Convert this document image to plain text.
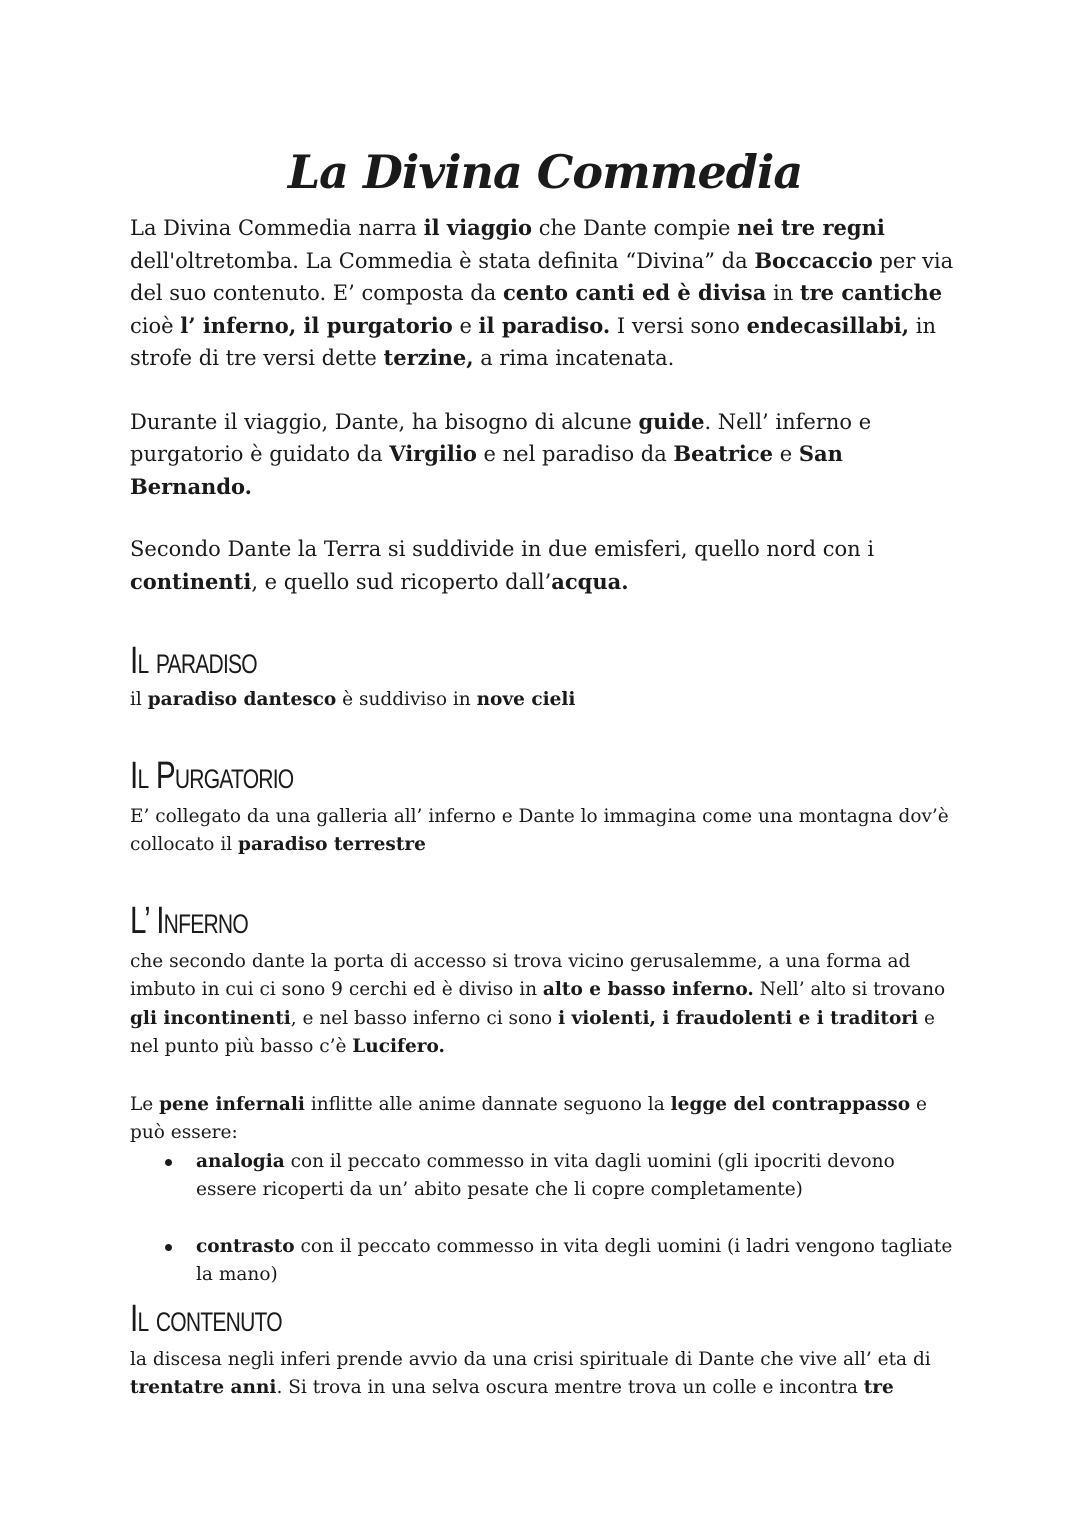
La Divina Commedia

La Divina Commedia narra il viaggio che Dante compie nei tre regni dell'oltretomba. La Commedia è stata definita “Divina” da Boccaccio per via del suo contenuto. E’ composta da cento canti ed è divisa in tre cantiche cioè l’ inferno, il purgatorio e il paradiso. I versi sono endecasillabi, in strofe di tre versi dette terzine, a rima incatenata.

Durante il viaggio, Dante, ha bisogno di alcune guide. Nell’ inferno e purgatorio è guidato da Virgilio e nel paradiso da Beatrice e San Bernando.

Secondo Dante la Terra si suddivide in due emisferi, quello nord con i continenti, e quello sud ricoperto dall’acqua.

Il paradiso

il paradiso dantesco è suddiviso in nove cieli

Il Purgatorio

E’ collegato da una galleria all’ inferno e Dante lo immagina come una montagna dov’è collocato il paradiso terrestre

L’ Inferno

che secondo dante la porta di accesso si trova vicino gerusalemme, a una forma ad imbuto in cui ci sono 9 cerchi ed è diviso in alto e basso inferno. Nell’ alto si trovano gli incontinenti, e nel basso inferno ci sono i violenti, i fraudolenti e i traditori e nel punto più basso c’è Lucifero.

Le pene infernali inflitte alle anime dannate seguono la legge del contrappasso e può essere:

analogia con il peccato commesso in vita dagli uomini (gli ipocriti devono essere ricoperti da un’ abito pesate che li copre completamente)
contrasto con il peccato commesso in vita degli uomini (i ladri vengono tagliate la mano)
Il contenuto

la discesa negli inferi prende avvio da una crisi spirituale di Dante che vive all’ eta di trentatre anni. Si trova in una selva oscura mentre trova un colle e incontra tre
